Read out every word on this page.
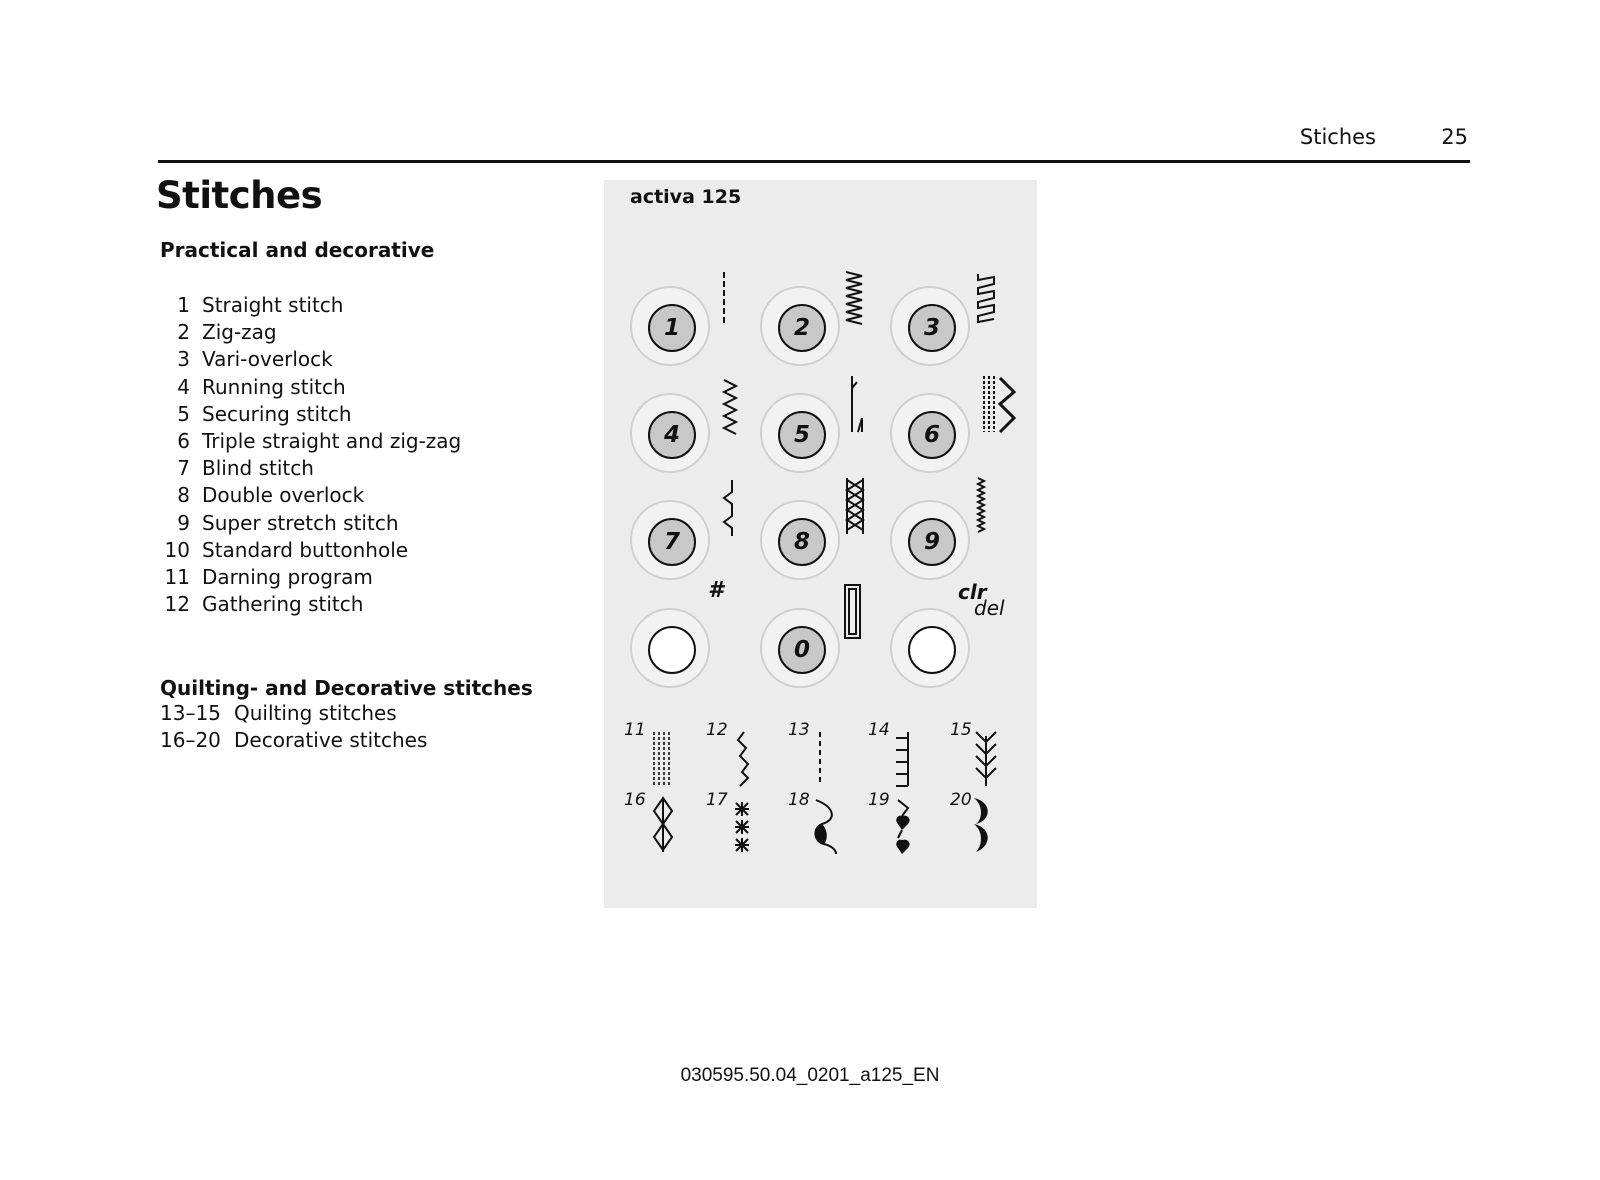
Stiches	25
Stitches
Practical and decorative
1 Straight stitch
2 Zig-zag
3 Vari-overlock
4 Running stitch
5 Securing stitch
6 Triple straight and zig-zag
7 Blind stitch
8 Double overlock
9 Super stretch stitch
10 Standard buttonhole
11 Darning program
12 Gathering stitch
Quilting- and Decorative stitches
13–15 Quilting stitches
16–20 Decorative stitches
activa 125
1	2	3
4	5	6
7	8	9
0
#	clr
del
11	12	13	14	15
16	17	18	19	20
030595.50.04_0201_a125_EN
